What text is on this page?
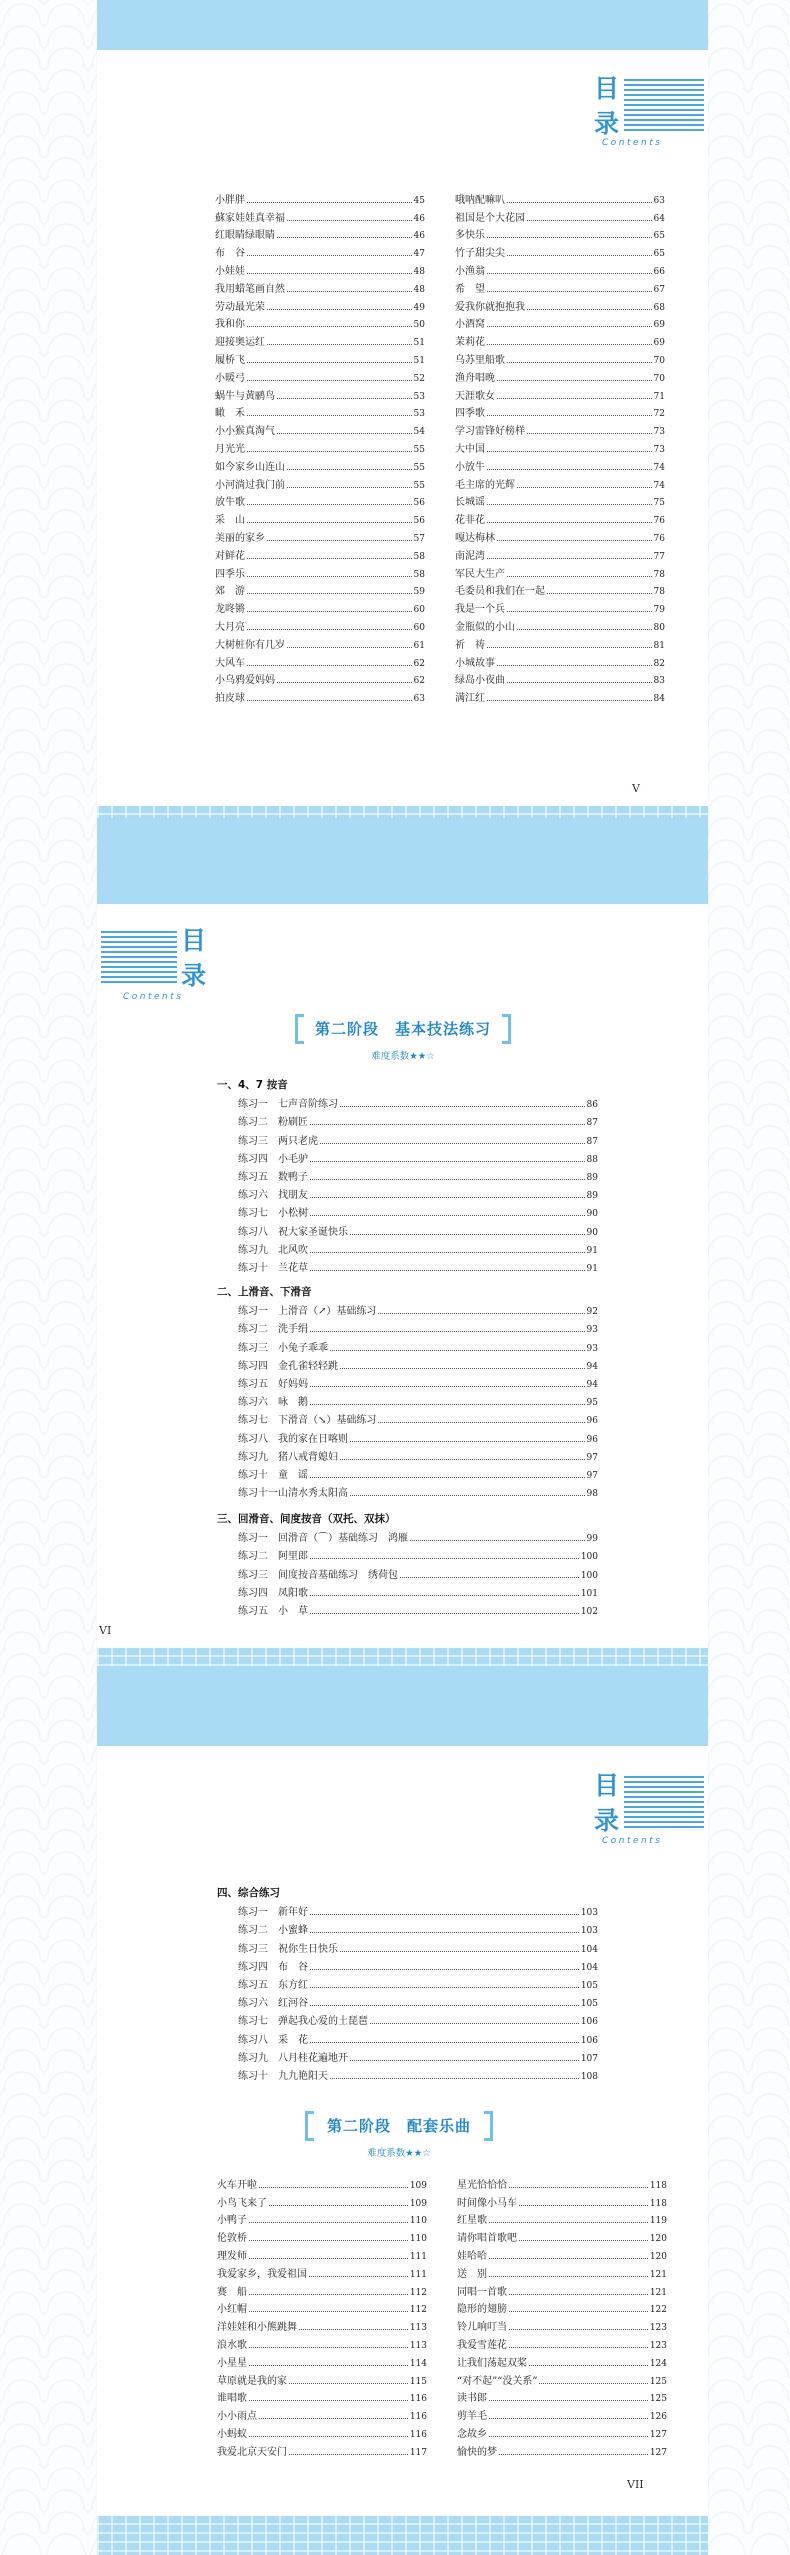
目
录
Contents
小胖胖	45
蘇家娃娃真幸福	46
红眼睛绿眼睛	46
布　谷	47
小娃娃	48
我用蜡笔画自然	48
劳动最光荣	49
我和你	50
迎接奥运红	51
履桥飞	51
小暖弓	52
蜗牛与黄鹂鸟	53
瞰　禾	53
小小猴真淘气	54
月光光	55
如今家乡山连山	55
小河淌过我门前	55
放牛歌	56
采　山	56
美丽的家乡	57
对鲜花	58
四季乐	58
郊　游	59
龙咚锵	60
大月亮	60
大树桩你有几岁	61
大风车	62
小乌鸦爱妈妈	62
拍皮球	63
哦呐配嘛叭	63
祖国是个大花园	64
多快乐	65
竹子甜尖尖	65
小渔翁	66
希　望	67
爱我你就抱抱我	68
小酒窝	69
茉莉花	69
乌苏里船歌	70
渔舟唱晚	70
天涯歌女	71
四季歌	72
学习雷锋好榜样	73
大中国	73
小放牛	74
毛主席的光辉	74
长城谣	75
花非花	76
嘎达梅林	76
南泥湾	77
军民大生产	78
毛委员和我们在一起	78
我是一个兵	79
金瓶似的小山	80
祈　祷	81
小城故事	82
绿岛小夜曲	83
满江红	84
V
目
录
Contents
第二阶段　基本技法练习
难度系数★★☆
一、4、7 按音
练习一	七声音阶练习	86
练习二	粉刷匠	87
练习三	两只老虎	87
练习四	小毛驴	88
练习五	数鸭子	89
练习六	找朋友	89
练习七	小松树	90
练习八	祝大家圣诞快乐	90
练习九	北风吹	91
练习十	兰花草	91
二、上滑音、下滑音
练习一	上滑音（↗）基础练习	92
练习二	洗手绢	93
练习三	小兔子乖乖	93
练习四	金孔雀轻轻跳	94
练习五	好妈妈	94
练习六	咏　鹅	95
练习七	下滑音（↘）基础练习	96
练习八	我的家在日喀则	96
练习九	猪八戒背媳妇	97
练习十	童　谣	97
练习十一 山清水秀太阳高	98
三、回滑音、间度按音（双托、双抹）
练习一	回滑音（⌒）基础练习　鸿雁	99
练习二	阿里郎	100
练习三	间度按音基础练习　绣荷包	100
练习四	凤阳歌	101
练习五	小　草	102
VI
目
录
Contents
四、综合练习
练习一	新年好	103
练习二	小蜜蜂	103
练习三	祝你生日快乐	104
练习四	布　谷	104
练习五	东方红	105
练习六	红河谷	105
练习七	弹起我心爱的土琵琶	106
练习八	采　花	106
练习九	八月桂花遍地开	107
练习十	九九艳阳天	108
第二阶段　配套乐曲
难度系数★★☆
火车开啦	109
小鸟飞来了	109
小鸭子	110
伦敦桥	110
理发师	111
我爱家乡，我爱祖国	111
赛　船	112
小红帽	112
洋娃娃和小熊跳舞	113
浪水歌	113
小星星	114
草原就是我的家	115
谁唱歌	116
小小雨点	116
小蚂蚁	116
我爱北京天安门	117
星光恰恰恰	118
时间像小马车	118
红星歌	119
请你唱首歌吧	120
娃哈哈	120
送　别	121
同唱一首歌	121
隐形的翅膀	122
铃儿响叮当	123
我爱雪莲花	123
让我们荡起双桨	124
“对不起”“没关系”	125
读书郎	125
剪羊毛	126
念故乡	127
愉快的梦	127
VII
